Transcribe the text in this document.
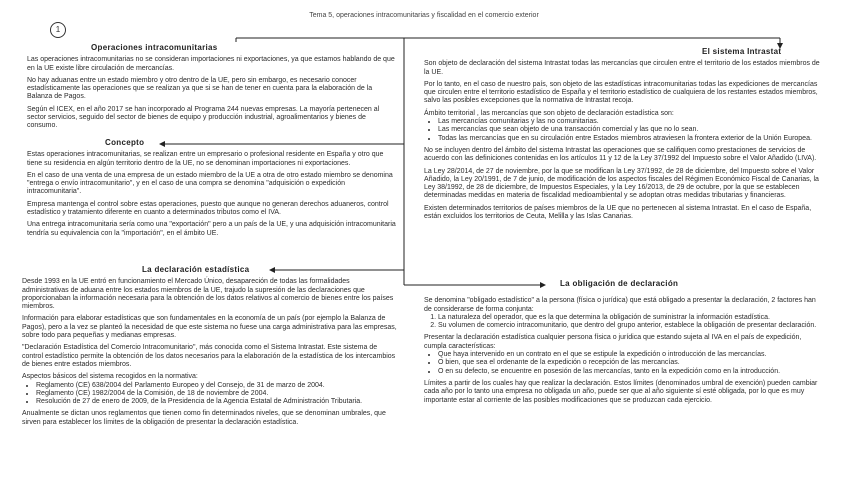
Tema 5, operaciones intracomunitarias y fiscalidad en el comercio exterior
1
Operaciones intracomunitarias

Las operaciones intracomunitarias no se consideran importaciones ni exportaciones, ya que estamos hablando de que en la UE existe libre circulación de mercancías.

No hay aduanas entre un estado miembro y otro dentro de la UE, pero sin embargo, es necesario conocer estadísticamente las operaciones que se realizan ya que si se han de tener en cuenta para la elaboración de la Balanza de Pagos.

Según el ICEX, en el año 2017 se han incorporado al Programa 244 nuevas empresas. La mayoría pertenecen al sector servicios, seguido del sector de bienes de equipo y producción industrial, agroalimentarios y bienes de consumo.

Concepto

Estas operaciones intracomunitarias, se realizan entre un empresario o profesional residente en España y otro que tiene su residencia en algún territorio dentro de la UE, no se denominan importaciones ni exportaciones.

En el caso de una venta de una empresa de un estado miembro de la UE a otra de otro estado miembro se denomina "entrega o envío intracomunitario", y en el caso de una compra se denomina "adquisición o expedición intracomunitaria".

Empresa mantenga el control sobre estas operaciones, puesto que aunque no generan derechos aduaneros, control estadístico y tratamiento diferente en cuanto a determinados tributos como el IVA.

Una entrega intracomunitaria sería como una "exportación" pero a un país de la UE, y una adquisición intracomunitaria tendría su equivalencia con la "importación", en el ámbito UE.

La declaración estadística

Desde 1993 en la UE entró en funcionamiento el Mercado Único, desapareción de todas las formalidades administrativas de aduana entre los estados miembros de la UE, trajudo la supresión de las declaraciones que proporcionaban la información necesaria para la obtención de los datos relativos al comercio de bienes entre los países miembros.

Información para elaborar estadísticas que son fundamentales en la economía de un país (por ejemplo la Balanza de Pagos), pero a la vez se planteó la necesidad de que este sistema no fuese una carga administrativa para las empresas, sobre todo para pequeñas y medianas empresas.

"Declaración Estadística del Comercio Intracomunitario", más conocida como el Sistema Intrastat. Este sistema de control estadístico permite la obtención de los datos necesarios para la elaboración de la estadística de los intercambios de bienes entre estados miembros.

Aspectos básicos del sistema recogidos en la normativa:

• Reglamento (CE) 638/2004 del Parlamento Europeo y del Consejo, de 31 de marzo de 2004.
• Reglamento (CE) 1982/2004 de la Comisión, de 18 de noviembre de 2004.
• Resolución de 27 de enero de 2009, de la Presidencia de la Agencia Estatal de Administración Tributaria.

Anualmente se dictan unos reglamentos que tienen como fin determinados niveles, que se denominan umbrales, que sirven para establecer los límites de la obligación de presentar la declaración estadística.

El sistema Intrastat

Son objeto de declaración del sistema Intrastat todas las mercancías que circulen entre el territorio de los estados miembros de la UE.

Por lo tanto, en el caso de nuestro país, son objeto de las estadísticas intracomunitarias todas las expediciones de mercancías que circulen entre el territorio estadístico de España y el territorio estadístico de cualquiera de los restantes estados miembros, salvo las posibles excepciones que la normativa de Intrastat recoja.

Ámbito territorial , las mercancías que son objeto de declaración estadística son:

• Las mercancías comunitarias y las no comunitarias.
• Las mercancías que sean objeto de una transacción comercial y las que no lo sean.
• Todas las mercancías que en su circulación entre Estados miembros atraviesen la frontera exterior de la Unión Europea.

No se incluyen dentro del ámbito del sistema Intrastat las operaciones que se califiquen como prestaciones de servicios de acuerdo con las definiciones contenidas en los artículos 11 y 12 de la Ley 37/1992 del Impuesto sobre el Valor Añadido (LIVA).

La Ley 28/2014, de 27 de noviembre, por la que se modifican la Ley 37/1992, de 28 de diciembre, del Impuesto sobre el Valor Añadido, la Ley 20/1991, de 7 de junio, de modificación de los aspectos fiscales del Régimen Económico Fiscal de Canarias, la Ley 38/1992, de 28 de diciembre, de Impuestos Especiales, y la Ley 16/2013, de 29 de octubre, por la que se establecen determinadas medidas en materia de fiscalidad medioambiental y se adoptan otras medidas tributarias y financieras.

Existen determinados territorios de países miembros de la UE que no pertenecen al sistema Intrastat. En el caso de España, están excluidos los territorios de Ceuta, Melilla y las Islas Canarias.

La obligación de declaración

Se denomina "obligado estadístico" a la persona (física o jurídica) que está obligado a presentar la declaración, 2 factores han de considerarse de forma conjunta:

1. La naturaleza del operador, que es la que determina la obligación de suministrar la información estadística.
2. Su volumen de comercio intracomunitario, que dentro del grupo anterior, establece la obligación de presentar declaración.

Presentar la declaración estadística cualquier persona física o jurídica que estando sujeta al IVA en el país de expedición, cumpla características:

• Que haya intervenido en un contrato en el que se estipule la expedición o introducción de las mercancías.
• O bien, que sea el ordenante de la expedición o recepción de las mercancías.
• O en su defecto, se encuentre en posesión de las mercancías, tanto en la expedición como en la introducción.

Límites a partir de los cuales hay que realizar la declaración. Estos límites (denominados umbral de exención) pueden cambiar cada año por lo tanto una empresa no obligada un año, puede ser que al año siguiente sí esté obligada, por lo que es muy importante estar al corriente de las posibles modificaciones que se produzcan cada ejercicio.
